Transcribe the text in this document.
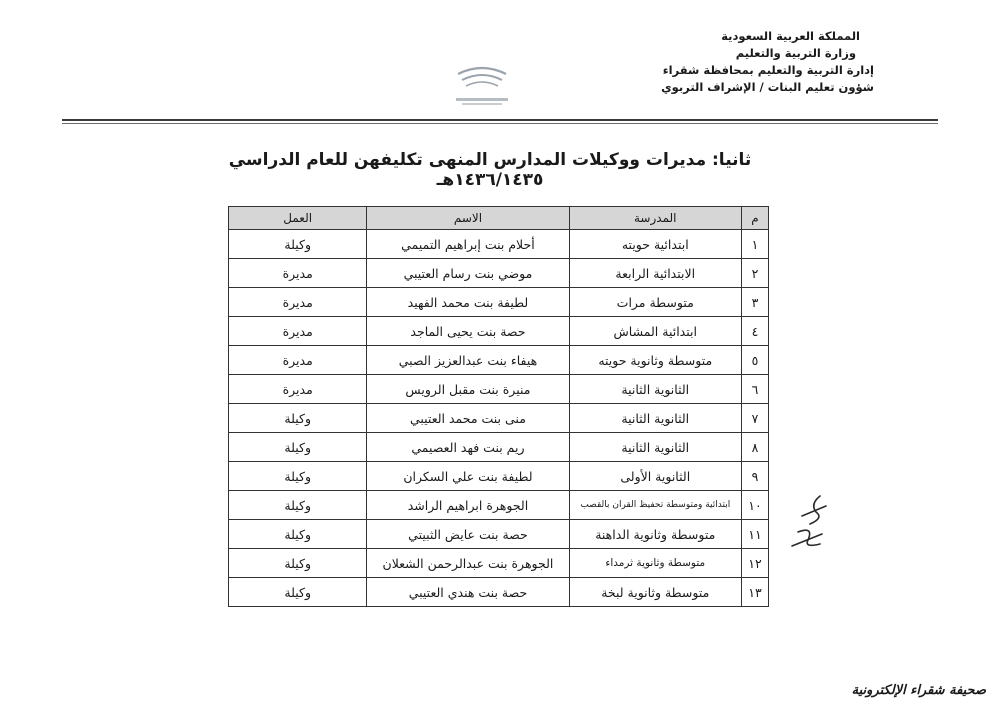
المملكة العربية السعودية
وزارة التربية والتعليم
إدارة التربية والتعليم بمحافظة شقراء
شؤون تعليم البنات / الإشراف التربوي
ثانيا: مديرات ووكيلات المدارس المنهى تكليفهن للعام الدراسي ١٤٣٦/١٤٣٥هـ
م	المدرسة	الاسم	العمل
١	ابتدائية حويته	أحلام بنت إبراهيم التميمي	وكيلة
٢	الابتدائية الرابعة	موضي بنت رسام العتيبي	مديرة
٣	متوسطة مرات	لطيفة بنت محمد الفهيد	مديرة
٤	ابتدائية المشاش	حصة بنت يحيى الماجد	مديرة
٥	متوسطة وثانوية حويته	هيفاء بنت عبدالعزيز الصبي	مديرة
٦	الثانوية الثانية	منيرة بنت مقبل الرويس	مديرة
٧	الثانوية الثانية	منى بنت محمد العتيبي	وكيلة
٨	الثانوية الثانية	ريم بنت فهد العصيمي	وكيلة
٩	الثانوية الأولى	لطيفة بنت علي السكران	وكيلة
١٠	ابتدائية ومتوسطة تحفيظ القران بالقصب	الجوهرة ابراهيم الراشد	وكيلة
١١	متوسطة وثانوية الداهنة	حصة بنت عايض الثبيتي	وكيلة
١٢	متوسطة وثانوية ثرمداء	الجوهرة بنت عبدالرحمن الشعلان	وكيلة
١٣	متوسطة وثانوية لبخة	حصة بنت هندي العتيبي	وكيلة
صحيفة شقراء الإلكترونية
